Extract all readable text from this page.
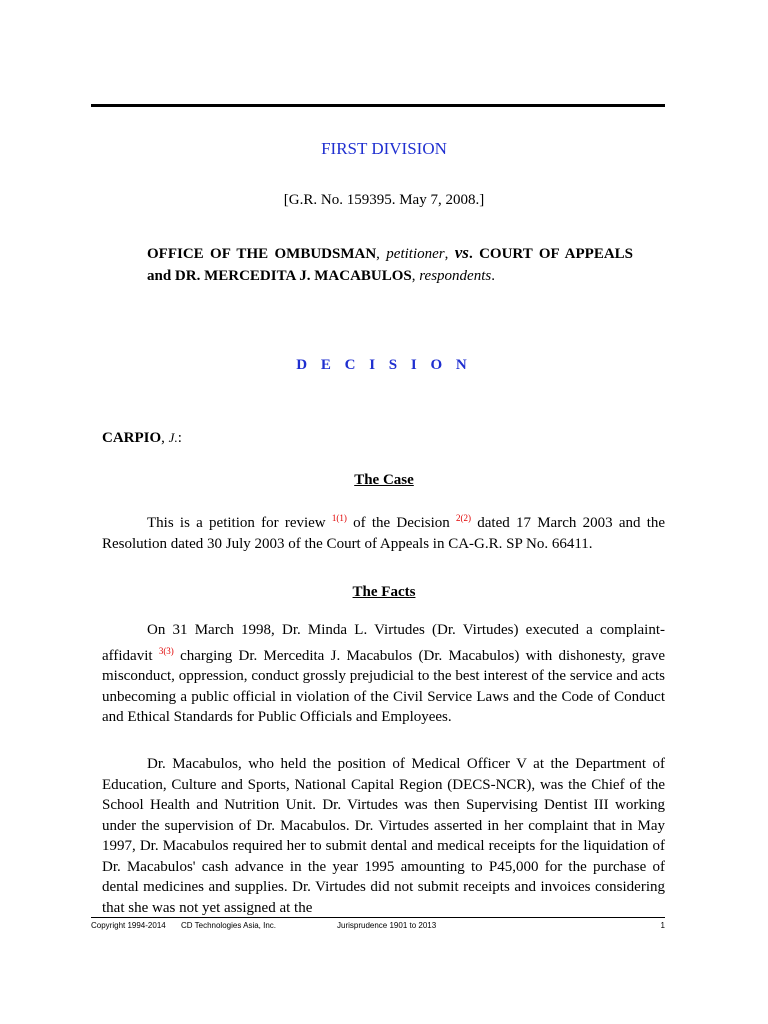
FIRST DIVISION
[G.R. No. 159395. May 7, 2008.]
OFFICE OF THE OMBUDSMAN, petitioner, vs. COURT OF APPEALS and DR. MERCEDITA J. MACABULOS, respondents.
D E C I S I O N
CARPIO, J.:
The Case
This is a petition for review $^{1(1)}$ of the Decision $^{2(2)}$ dated 17 March 2003 and the Resolution dated 30 July 2003 of the Court of Appeals in CA-G.R. SP No. 66411.
The Facts
On 31 March 1998, Dr. Minda L. Virtudes (Dr. Virtudes) executed a complaint-affidavit $^{3(3)}$ charging Dr. Mercedita J. Macabulos (Dr. Macabulos) with dishonesty, grave misconduct, oppression, conduct grossly prejudicial to the best interest of the service and acts unbecoming a public official in violation of the Civil Service Laws and the Code of Conduct and Ethical Standards for Public Officials and Employees.
Dr. Macabulos, who held the position of Medical Officer V at the Department of Education, Culture and Sports, National Capital Region (DECS-NCR), was the Chief of the School Health and Nutrition Unit. Dr. Virtudes was then Supervising Dentist III working under the supervision of Dr. Macabulos. Dr. Virtudes asserted in her complaint that in May 1997, Dr. Macabulos required her to submit dental and medical receipts for the liquidation of Dr. Macabulos' cash advance in the year 1995 amounting to P45,000 for the purchase of dental medicines and supplies. Dr. Virtudes did not submit receipts and invoices considering that she was not yet assigned at the
Copyright 1994-2014 CD Technologies Asia, Inc.	Jurisprudence 1901 to 2013	1
